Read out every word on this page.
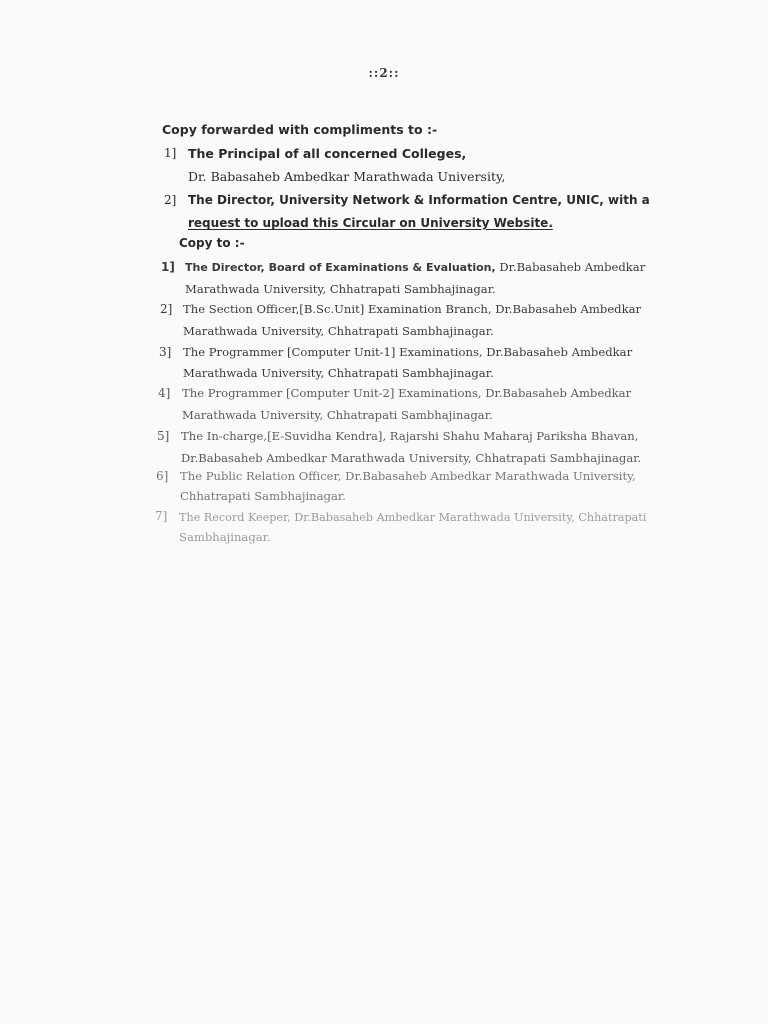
::2::
Copy forwarded with compliments to :-
1] The Principal of all concerned Colleges,
Dr. Babasaheb Ambedkar Marathwada University,
2] The Director, University Network & Information Centre, UNIC, with a
request to upload this Circular on University Website.
Copy to :-
1] The Director, Board of Examinations & Evaluation, Dr.Babasaheb Ambedkar
Marathwada University, Chhatrapati Sambhajinagar.
2] The Section Officer,[B.Sc.Unit] Examination Branch, Dr.Babasaheb Ambedkar
Marathwada University, Chhatrapati Sambhajinagar.
3] The Programmer [Computer Unit-1] Examinations, Dr.Babasaheb Ambedkar
Marathwada University, Chhatrapati Sambhajinagar.
4] The Programmer [Computer Unit-2] Examinations, Dr.Babasaheb Ambedkar
Marathwada University, Chhatrapati Sambhajinagar.
5] The In-charge,[E-Suvidha Kendra], Rajarshi Shahu Maharaj Pariksha Bhavan,
Dr.Babasaheb Ambedkar Marathwada University, Chhatrapati Sambhajinagar.
6] The Public Relation Officer, Dr.Babasaheb Ambedkar Marathwada University,
Chhatrapati Sambhajinagar.
7] The Record Keeper, Dr.Babasaheb Ambedkar Marathwada University, Chhatrapati
Sambhajinagar.
